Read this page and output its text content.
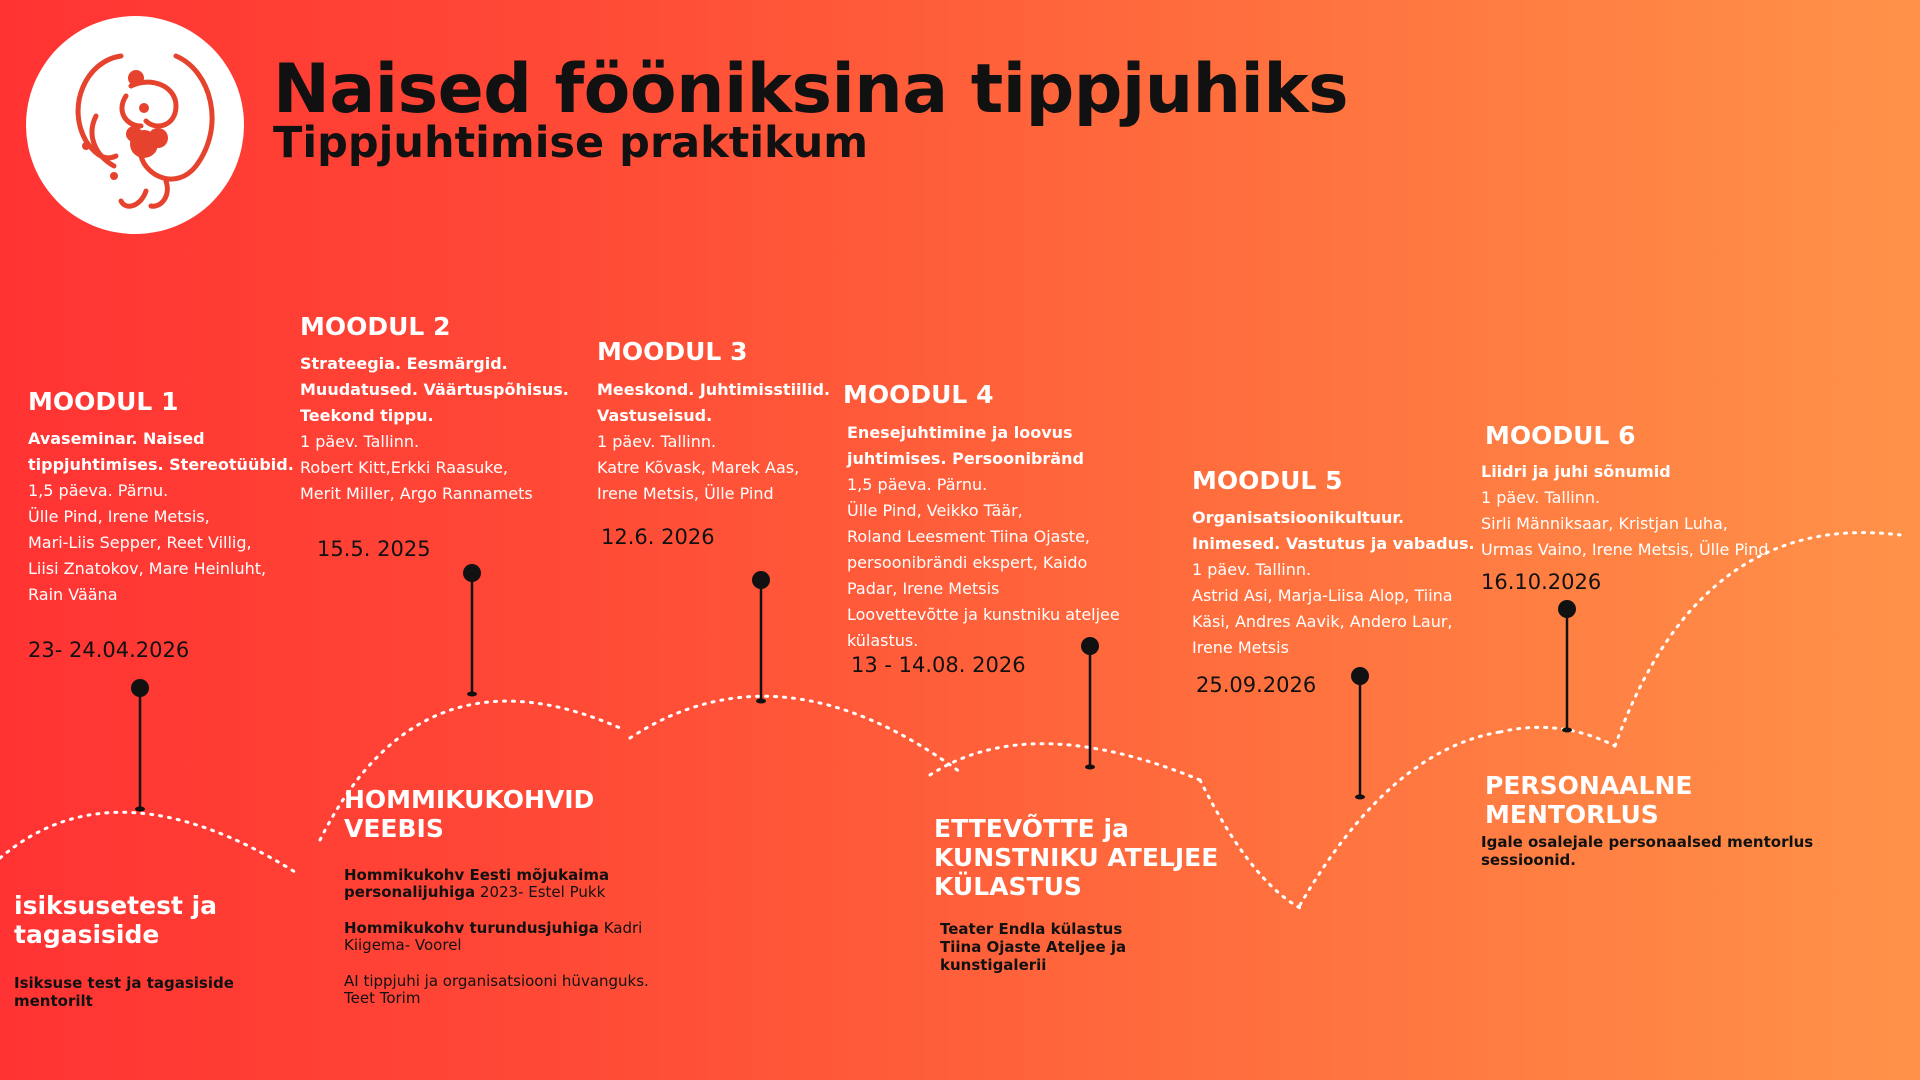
Naised fööniksina tippjuhiks
Tippjuhtimise praktikum
MOODUL 1
Avaseminar. Naised
tippjuhtimises. Stereotüübid.
1,5 päeva. Pärnu.
Ülle Pind, Irene Metsis,
Mari-Liis Sepper, Reet Villig,
Liisi Znatokov, Mare Heinluht,
Rain Vääna
23- 24.04.2026
MOODUL 2
Strateegia. Eesmärgid.
Muudatused. Väärtuspõhisus.
Teekond tippu.
1 päev. Tallinn.
Robert Kitt,Erkki Raasuke,
Merit Miller, Argo Rannamets
15.5. 2025
MOODUL 3
Meeskond. Juhtimisstiilid.
Vastuseisud.
1 päev. Tallinn.
Katre Kõvask, Marek Aas,
Irene Metsis, Ülle Pind
12.6. 2026
MOODUL 4
Enesejuhtimine ja loovus
juhtimises. Persoonibränd
1,5 päeva. Pärnu.
Ülle Pind, Veikko Täär,
Roland Leesment Tiina Ojaste,
persoonibrändi ekspert, Kaido
Padar, Irene Metsis
Loovettevõtte ja kunstniku ateljee
külastus.
13 - 14.08. 2026
MOODUL 5
Organisatsioonikultuur.
Inimesed. Vastutus ja vabadus.
1 päev. Tallinn.
Astrid Asi, Marja-Liisa Alop, Tiina
Käsi, Andres Aavik, Andero Laur,
Irene Metsis
25.09.2026
MOODUL 6
Liidri ja juhi sõnumid
1 päev. Tallinn.
Sirli Männiksaar, Kristjan Luha,
Urmas Vaino, Irene Metsis, Ülle Pind
16.10.2026
isiksusetest ja
tagasiside
Isiksuse test ja tagasiside
mentorilt
HOMMIKUKOHVID
VEEBIS
Hommikukohv Eesti mõjukaima personalijuhiga 2023- Estel Pukk
Hommikukohv turundusjuhiga Kadri Kiigema- Voorel
AI tippjuhi ja organisatsiooni hüvanguks. Teet Torim
ETTEVÕTTE ja
KUNSTNIKU ATELJEE
KÜLASTUS
Teater Endla külastus
Tiina Ojaste Ateljee ja
kunstigalerii
PERSONAALNE
MENTORLUS
Igale osalejale personaalsed mentorlus
sessioonid.
